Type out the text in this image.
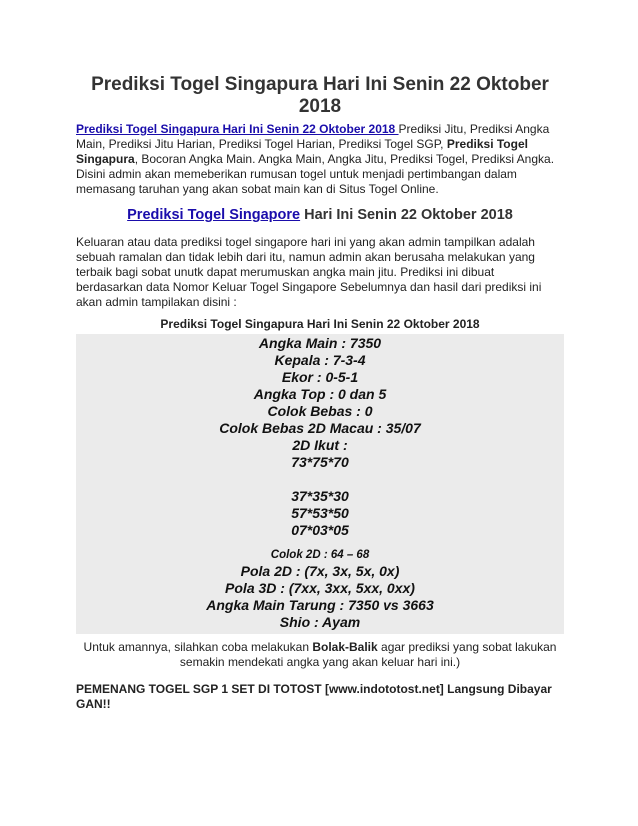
Prediksi Togel Singapura Hari Ini Senin 22 Oktober 2018

Prediksi Togel Singapura Hari Ini Senin 22 Oktober 2018 Prediksi Jitu, Prediksi Angka Main, Prediksi Jitu Harian, Prediksi Togel Harian, Prediksi Togel SGP, Prediksi Togel Singapura, Bocoran Angka Main. Angka Main, Angka Jitu, Prediksi Togel, Prediksi Angka. Disini admin akan memeberikan rumusan togel untuk menjadi pertimbangan dalam memasang taruhan yang akan sobat main kan di Situs Togel Online.

Prediksi Togel Singapore Hari Ini Senin 22 Oktober 2018

Keluaran atau data prediksi togel singapore hari ini yang akan admin tampilkan adalah sebuah ramalan dan tidak lebih dari itu, namun admin akan berusaha melakukan yang terbaik bagi sobat unutk dapat merumuskan angka main jitu. Prediksi ini dibuat berdasarkan data Nomor Keluar Togel Singapore Sebelumnya dan hasil dari prediksi ini akan admin tampilakan disini :

Prediksi Togel Singapura Hari Ini Senin 22 Oktober 2018
Angka Main : 7350
Kepala : 7-3-4
Ekor : 0-5-1
Angka Top : 0 dan 5
Colok Bebas : 0
Colok Bebas 2D Macau : 35/07
2D Ikut :
73*75*70
37*35*30
57*53*50
07*03*05
Colok 2D : 64 – 68
Pola 2D : (7x, 3x, 5x, 0x)
Pola 3D : (7xx, 3xx, 5xx, 0xx)
Angka Main Tarung : 7350 vs 3663
Shio : Ayam

Untuk amannya, silahkan coba melakukan Bolak-Balik agar prediksi yang sobat lakukan semakin mendekati angka yang akan keluar hari ini.)

PEMENANG TOGEL SGP 1 SET DI TOTOST [www.indototost.net] Langsung Dibayar GAN!!
